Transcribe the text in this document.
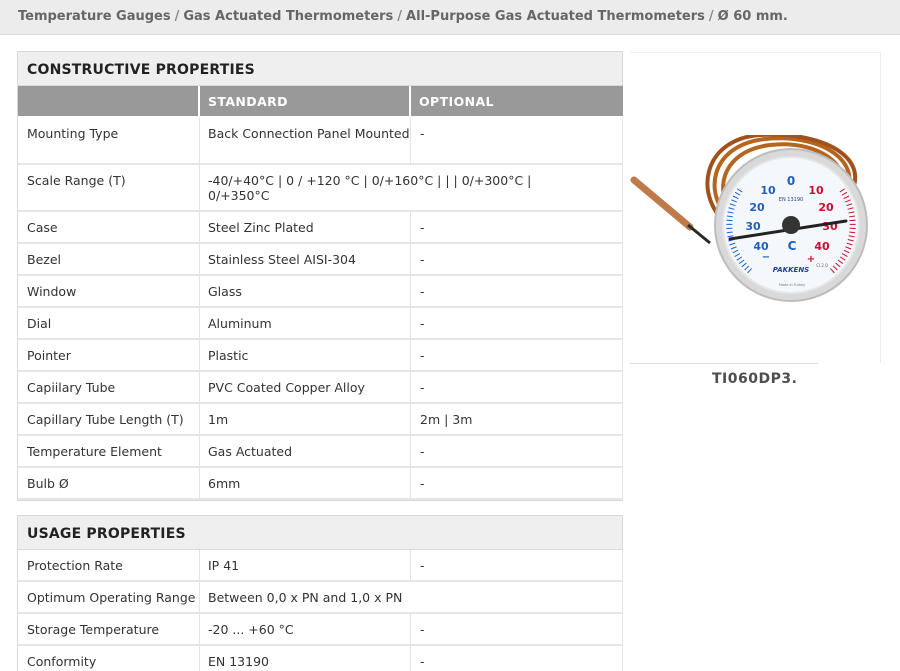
Temperature Gauges / Gas Actuated Thermometers / All-Purpose Gas Actuated Thermometers / Ø 60 mm.
CONSTRUCTIVE PROPERTIES
	STANDARD	OPTIONAL
Mounting Type	Back Connection Panel Mounted	-
Scale Range (T)	-40/+40°C | 0 / +120 °C | 0/+160°C | | | 0/+300°C | 0/+350°C	
Case	Steel Zinc Plated	-
Bezel	Stainless Steel AISI-304	-
Window	Glass	-
Dial	Aluminum	-
Pointer	Plastic	-
Capiilary Tube	PVC Coated Copper Alloy	-
Capillary Tube Length (T)	1m	2m | 3m
Temperature Element	Gas Actuated	-
Bulb Ø	6mm	-
USAGE PROPERTIES
Protection Rate	IP 41	-
Optimum Operating Range	Between 0,0 x PN and 1,0 x PN	
Storage Temperature	-20 ... +60 °C	-
Conformity	EN 13190	-
0
10
20
30
40
10
20
30
40
EN 13190
C
−	+
PAKKENS
Cl.2.0
Made in Turkey
TI060DP3.
